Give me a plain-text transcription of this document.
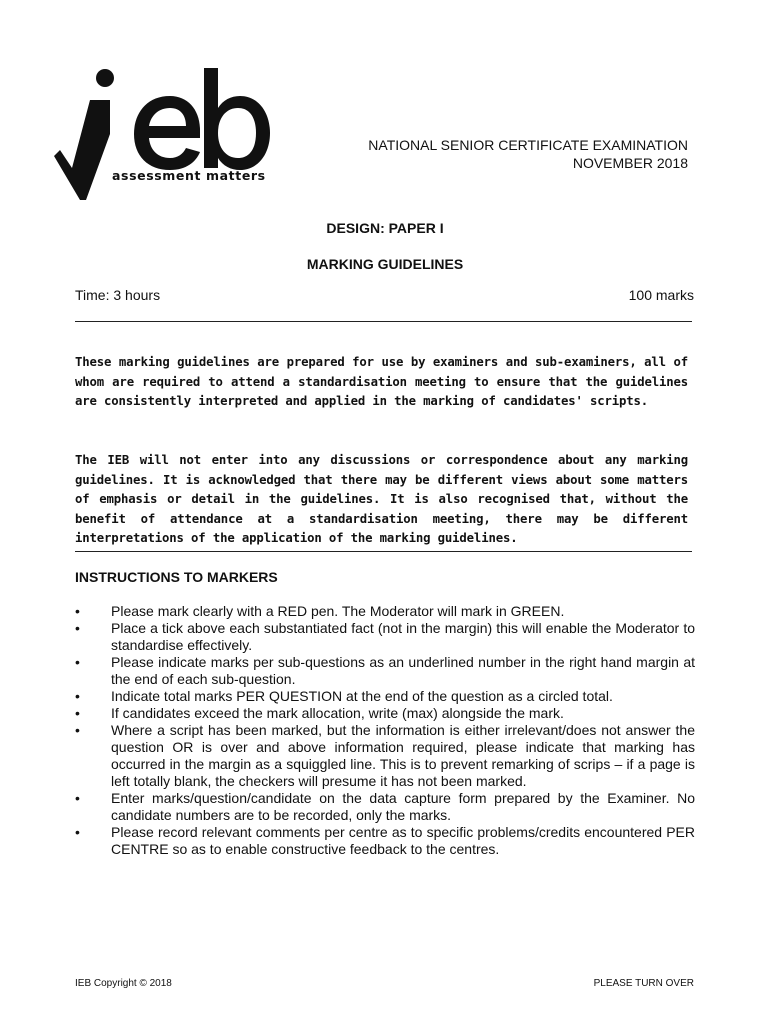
assessment matters
NATIONAL SENIOR CERTIFICATE EXAMINATION
NOVEMBER 2018
DESIGN: PAPER I
MARKING GUIDELINES
Time: 3 hours	100 marks

These marking guidelines are prepared for use by examiners and sub-examiners, all of whom are required to attend a standardisation meeting to ensure that the guidelines are consistently interpreted and applied in the marking of candidates' scripts.

The IEB will not enter into any discussions or correspondence about any marking guidelines. It is acknowledged that there may be different views about some matters of emphasis or detail in the guidelines. It is also recognised that, without the benefit of attendance at a standardisation meeting, there may be different interpretations of the application of the marking guidelines.

INSTRUCTIONS TO MARKERS
• Please mark clearly with a RED pen. The Moderator will mark in GREEN.
• Place a tick above each substantiated fact (not in the margin) this will enable the Moderator to standardise effectively.
• Please indicate marks per sub-questions as an underlined number in the right hand margin at the end of each sub-question.
• Indicate total marks PER QUESTION at the end of the question as a circled total.
• If candidates exceed the mark allocation, write (max) alongside the mark.
• Where a script has been marked, but the information is either irrelevant/does not answer the question OR is over and above information required, please indicate that marking has occurred in the margin as a squiggled line. This is to prevent remarking of scrips – if a page is left totally blank, the checkers will presume it has not been marked.
• Enter marks/question/candidate on the data capture form prepared by the Examiner. No candidate numbers are to be recorded, only the marks.
• Please record relevant comments per centre as to specific problems/credits encountered PER CENTRE so as to enable constructive feedback to the centres.
IEB Copyright © 2018	PLEASE TURN OVER
